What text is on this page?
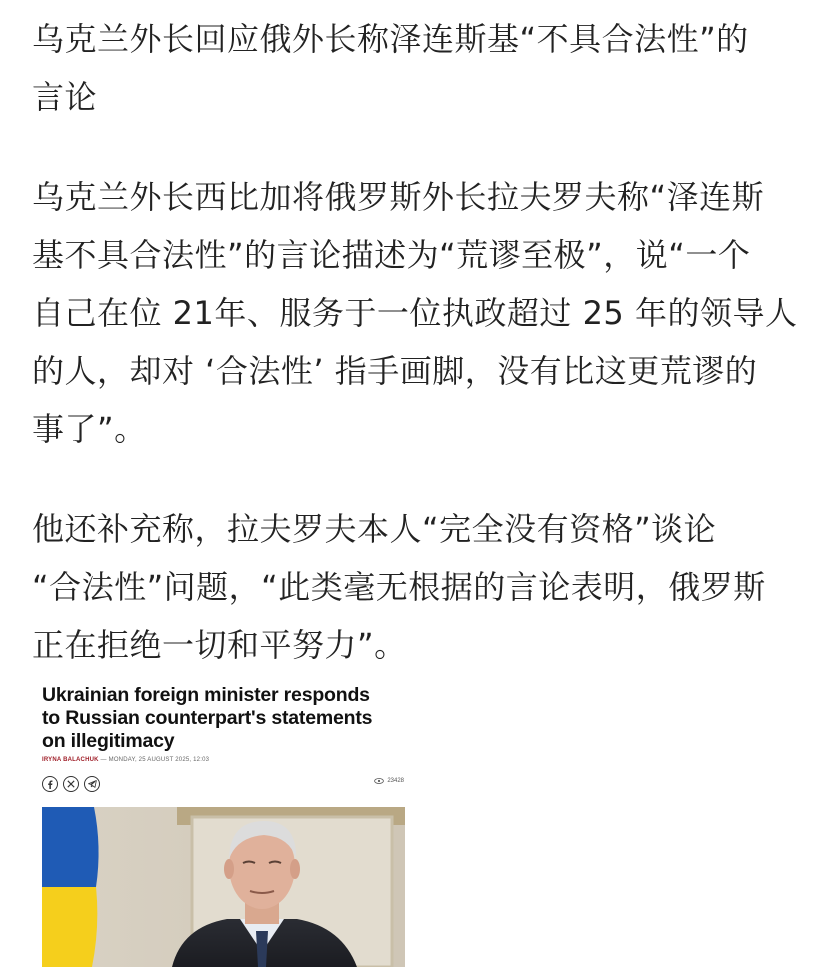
乌克兰外长回应俄外长称泽连斯基“不具合法性”的
言论

乌克兰外长西比加将俄罗斯外长拉夫罗夫称“泽连斯
基不具合法性”的言论描述为“荒谬至极”，说“一个
自己在位 21年、服务于一位执政超过 25 年的领导人
的人，却对 ‘合法性’ 指手画脚，没有比这更荒谬的
事了”。

他还补充称，拉夫罗夫本人“完全没有资格”谈论
“合法性”问题，“此类毫无根据的言论表明，俄罗斯
正在拒绝一切和平努力”。

Ukrainian foreign minister responds
to Russian counterpart's statements
on illegitimacy

IRYNA BALACHUK — MONDAY, 25 AUGUST 2025, 12:03
23428
